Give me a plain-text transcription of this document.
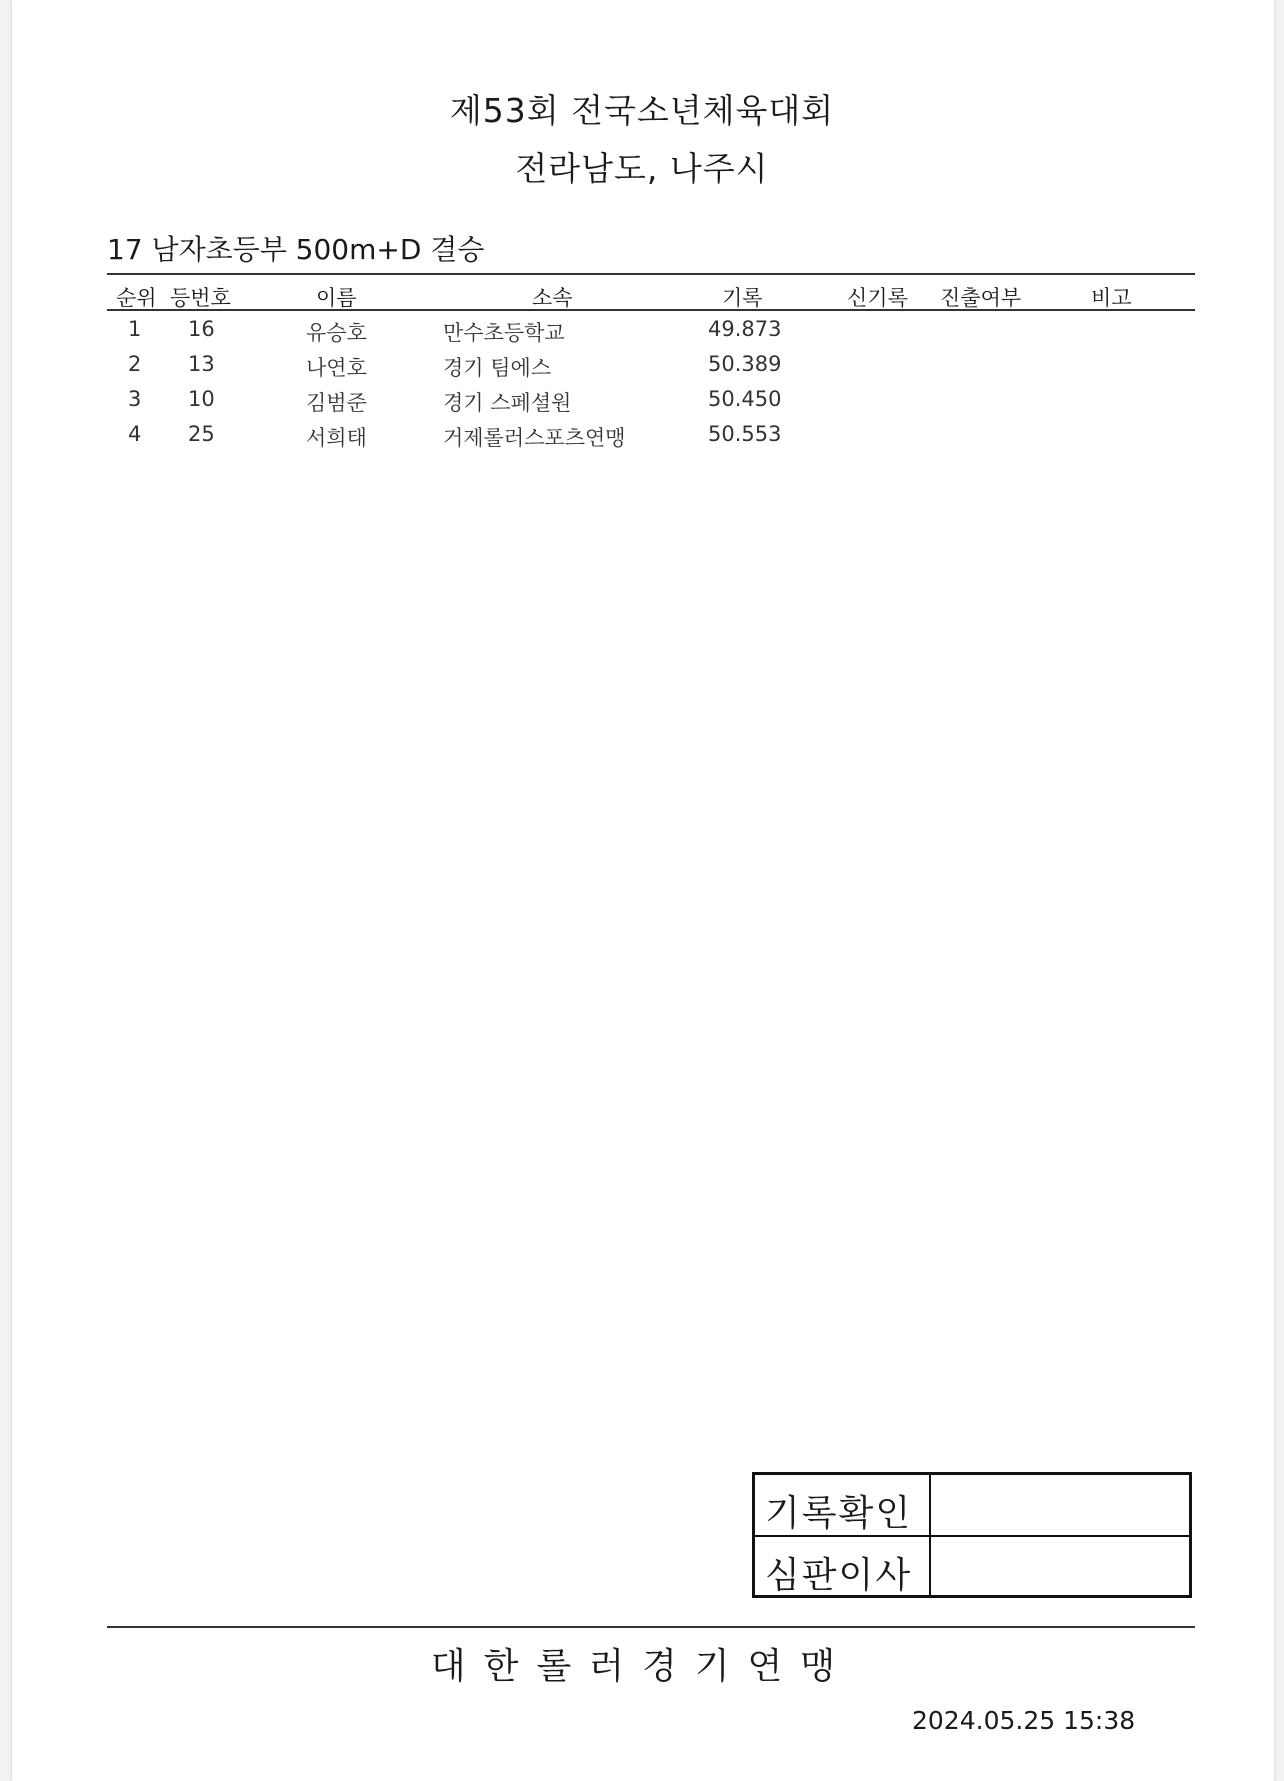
제53회 전국소년체육대회
전라남도, 나주시
17 남자초등부 500m+D 결승
순위 등번호	이름	소속	기록	신기록 진출여부	비고
1 16	유승호	만수초등학교	49.873
2 13	나연호	경기 팀에스	50.389
3 10	김범준	경기 스페셜원	50.450
4 25	서희태	거제롤러스포츠연맹	50.553
기록확인
심판이사
대한롤러경기연맹
2024.05.25 15:38
